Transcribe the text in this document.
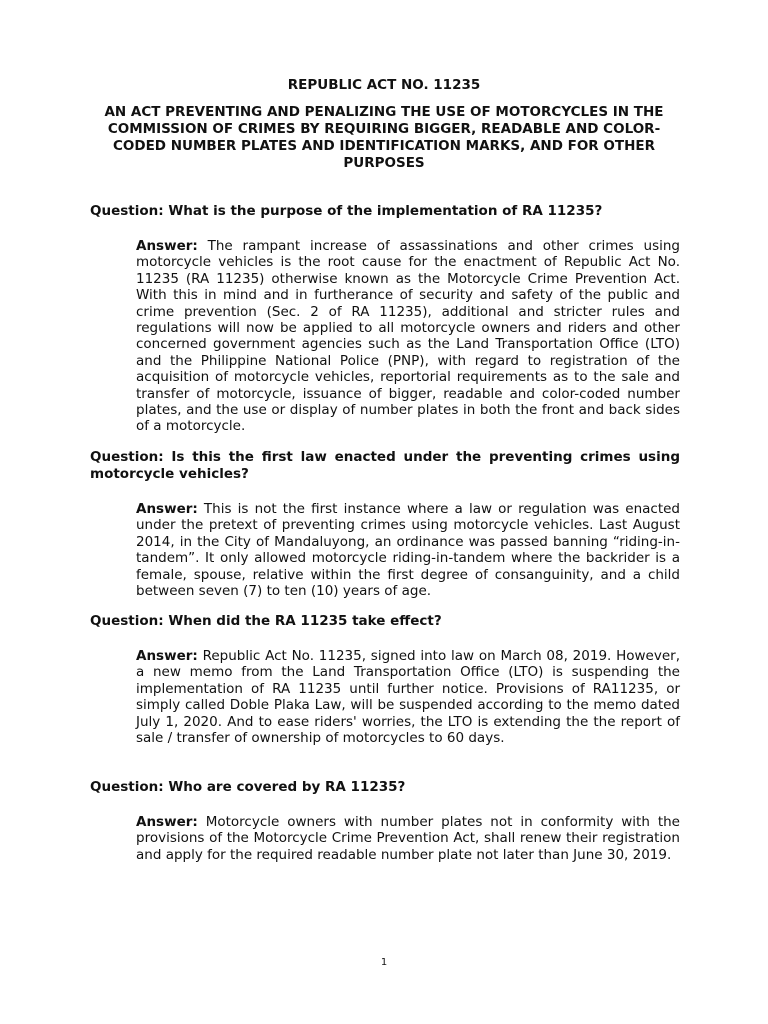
REPUBLIC ACT NO. 11235
AN ACT PREVENTING AND PENALIZING THE USE OF MOTORCYCLES IN THE COMMISSION OF CRIMES BY REQUIRING BIGGER, READABLE AND COLOR-CODED NUMBER PLATES AND IDENTIFICATION MARKS, AND FOR OTHER PURPOSES

Question: What is the purpose of the implementation of RA 11235?

Answer: The rampant increase of assassinations and other crimes using motorcycle vehicles is the root cause for the enactment of Republic Act No. 11235 (RA 11235) otherwise known as the Motorcycle Crime Prevention Act. With this in mind and in furtherance of security and safety of the public and crime prevention (Sec. 2 of RA 11235), additional and stricter rules and regulations will now be applied to all motorcycle owners and riders and other concerned government agencies such as the Land Transportation Office (LTO) and the Philippine National Police (PNP), with regard to registration of the acquisition of motorcycle vehicles, reportorial requirements as to the sale and transfer of motorcycle, issuance of bigger, readable and color-coded number plates, and the use or display of number plates in both the front and back sides of a motorcycle.

Question: Is this the first law enacted under the preventing crimes using motorcycle vehicles?

Answer: This is not the first instance where a law or regulation was enacted under the pretext of preventing crimes using motorcycle vehicles. Last August 2014, in the City of Mandaluyong, an ordinance was passed banning “riding-in-tandem”. It only allowed motorcycle riding-in-tandem where the backrider is a female, spouse, relative within the first degree of consanguinity, and a child between seven (7) to ten (10) years of age.

Question: When did the RA 11235 take effect?

Answer: Republic Act No. 11235, signed into law on March 08, 2019. However, a new memo from the Land Transportation Office (LTO) is suspending the implementation of RA 11235 until further notice. Provisions of RA11235, or simply called Doble Plaka Law, will be suspended according to the memo dated July 1, 2020. And to ease riders' worries, the LTO is extending the the report of sale / transfer of ownership of motorcycles to 60 days.

Question: Who are covered by RA 11235?

Answer: Motorcycle owners with number plates not in conformity with the provisions of the Motorcycle Crime Prevention Act, shall renew their registration and apply for the required readable number plate not later than June 30, 2019.

1
